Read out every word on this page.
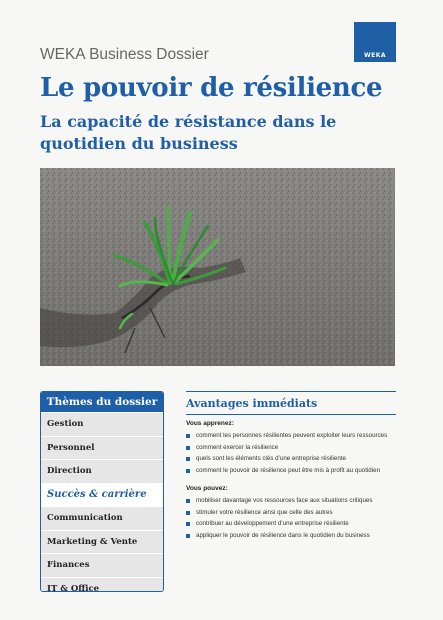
WEKA
WEKA Business Dossier
Le pouvoir de résilience
La capacité de résistance dans le quotidien du business
Thèmes du dossier
Gestion
Personnel
Direction
Succès & carrière
Communication
Marketing & Vente
Finances
IT & Office
Avantages immédiats
Vous apprenez:
comment les personnes résilientes peuvent exploiter leurs ressources
comment exercer la résilience
quels sont les éléments clés d’une entreprise résiliente
comment le pouvoir de résilience peut être mis à profit au quotidien
Vous pouvez:
mobiliser davantage vos ressources face aux situations critiques
stimuler votre résilience ainsi que celle des autres
contribuer au développement d’une entreprise résiliente
appliquer le pouvoir de résilience dans le quotidien du business
